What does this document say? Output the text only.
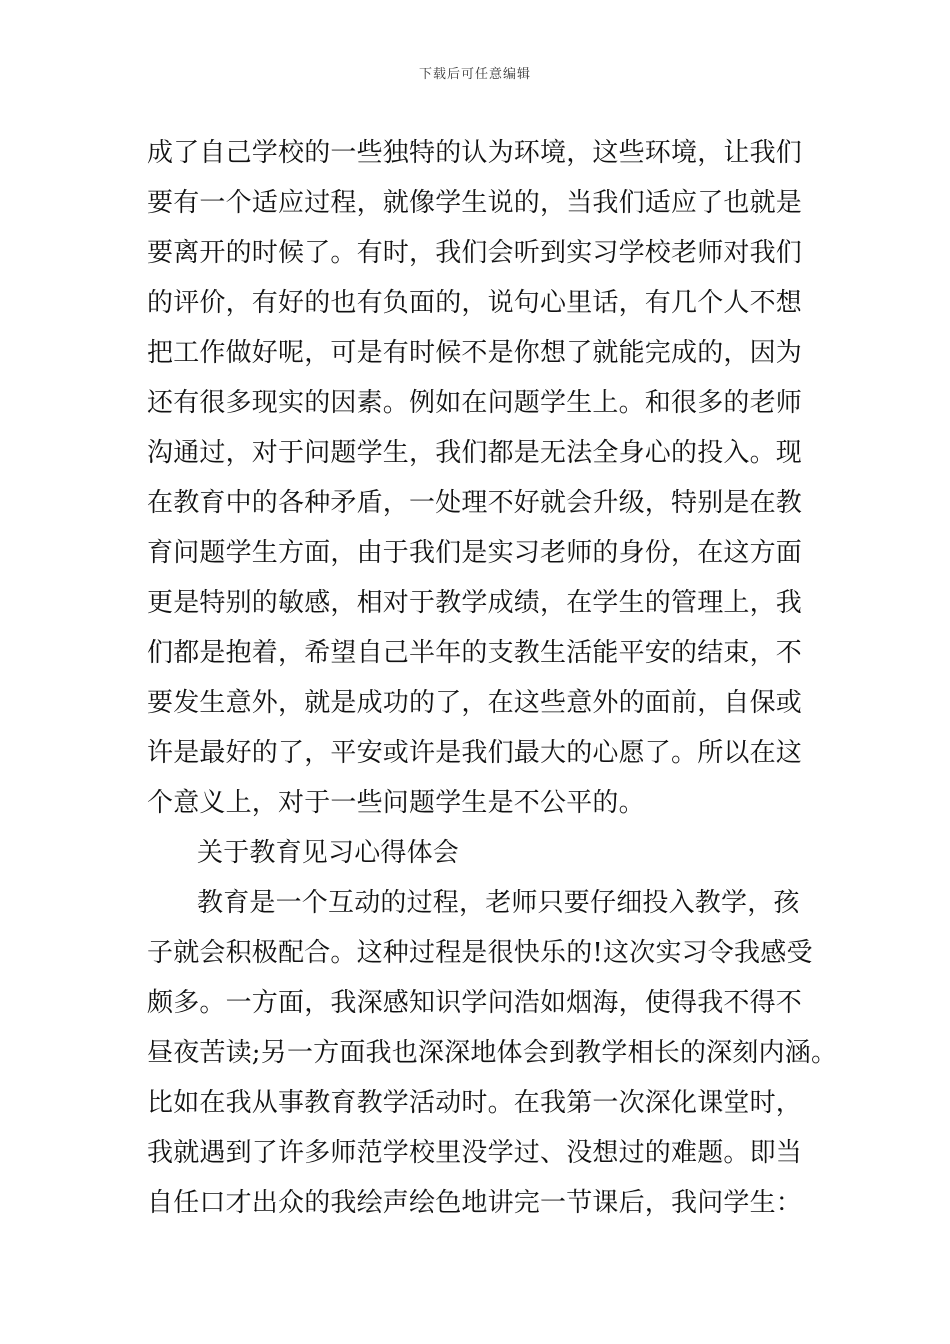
下载后可任意编辑
成了自己学校的一些独特的认为环境，这些环境，让我们
要有一个适应过程，就像学生说的，当我们适应了也就是
要离开的时候了。有时，我们会听到实习学校老师对我们
的评价，有好的也有负面的，说句心里话，有几个人不想
把工作做好呢，可是有时候不是你想了就能完成的，因为
还有很多现实的因素。例如在问题学生上。和很多的老师
沟通过，对于问题学生，我们都是无法全身心的投入。现
在教育中的各种矛盾，一处理不好就会升级，特别是在教
育问题学生方面，由于我们是实习老师的身份，在这方面
更是特别的敏感，相对于教学成绩，在学生的管理上，我
们都是抱着，希望自己半年的支教生活能平安的结束，不
要发生意外，就是成功的了，在这些意外的面前，自保或
许是最好的了，平安或许是我们最大的心愿了。所以在这
个意义上，对于一些问题学生是不公平的。
关于教育见习心得体会
教育是一个互动的过程，老师只要仔细投入教学，孩
子就会积极配合。这种过程是很快乐的!这次实习令我感受
颇多。一方面，我深感知识学问浩如烟海，使得我不得不
昼夜苦读;另一方面我也深深地体会到教学相长的深刻内涵。
比如在我从事教育教学活动时。在我第一次深化课堂时，
我就遇到了许多师范学校里没学过、没想过的难题。即当
自任口才出众的我绘声绘色地讲完一节课后，我问学生：
